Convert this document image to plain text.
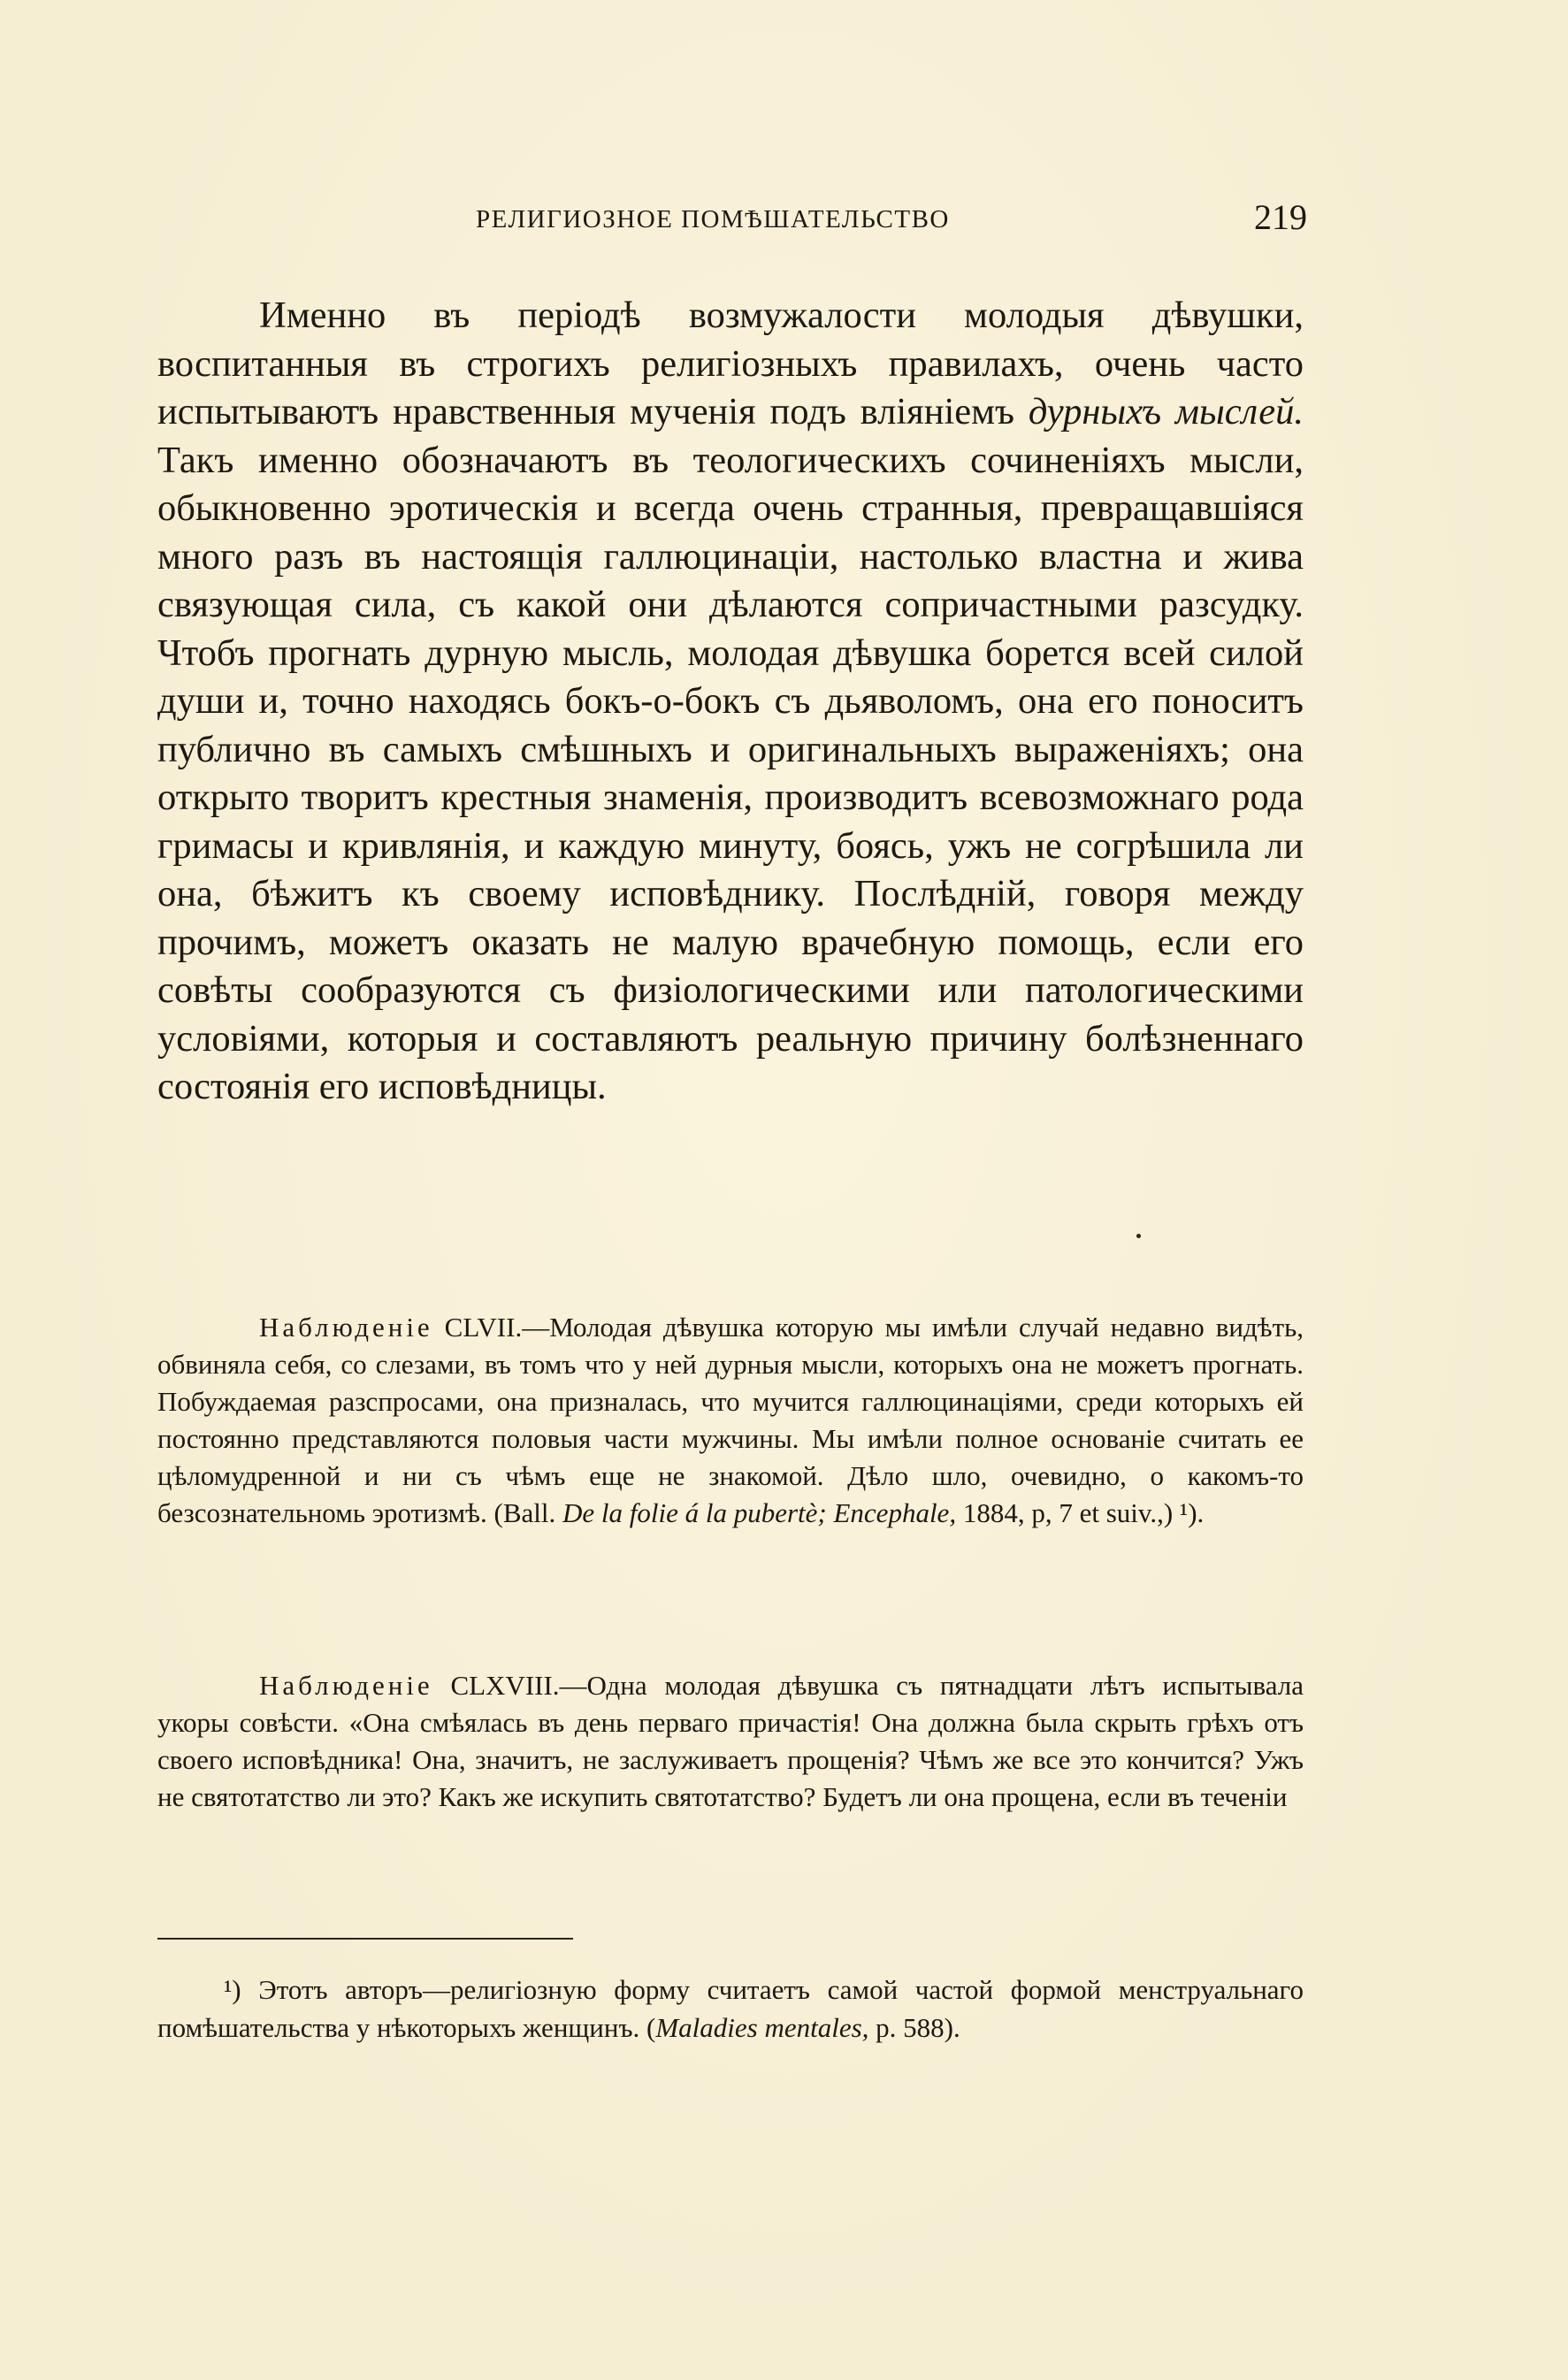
РЕЛИГИОЗНОЕ ПОМѢШАТЕЛЬСТВО	219

Именно въ періодѣ возмужалости молодыя дѣвушки, воспитанныя въ строгихъ религіозныхъ правилахъ, очень часто испытываютъ нравственныя мученія подъ вліяніемъ дурныхъ мыслей. Такъ именно обозначаютъ въ теологическихъ сочиненіяхъ мысли, обыкновенно эротическія и всегда очень странныя, превращавшіяся много разъ въ настоящія галлюцинаціи, настолько властна и жива связующая сила, съ какой они дѣлаются сопричастными разсудку. Чтобъ прогнать дурную мысль, молодая дѣвушка борется всей силой души и, точно находясь бокъ-о-бокъ съ дьяволомъ, она его поноситъ публично въ самыхъ смѣшныхъ и оригинальныхъ выраженіяхъ; она открыто творитъ крестныя знаменія, производитъ всевозможнаго рода гримасы и кривлянія, и каждую минуту, боясь, ужъ не согрѣшила ли она, бѣжитъ къ своему исповѣднику. Послѣдній, говоря между прочимъ, можетъ оказать не малую врачебную помощь, если его совѣты сообразуются съ физіологическими или патологическими условіями, которыя и составляютъ реальную причину болѣзненнаго состоянія его исповѣдницы.

Наблюденіе CLVII.—Молодая дѣвушка которую мы имѣли случай недавно видѣть, обвиняла себя, со слезами, въ томъ что у ней дурныя мысли, которыхъ она не можетъ прогнать. Побуждаемая разспросами, она призналась, что мучится галлюцинаціями, среди которыхъ ей постоянно представляются половыя части мужчины. Мы имѣли полное основаніе считать ее цѣломудренной и ни съ чѣмъ еще не знакомой. Дѣло шло, очевидно, о какомъ-то безсознательномь эротизмѣ. (Ball. De la folie á la pubertè; Encephale, 1884, p, 7 et suiv.,) ¹).

Наблюденіе CLXVIII.—Одна молодая дѣвушка съ пятнадцати лѣтъ испытывала укоры совѣсти. «Она смѣялась въ день перваго причастія! Она должна была скрыть грѣхъ отъ своего исповѣдника! Она, значитъ, не заслуживаетъ прощенія? Чѣмъ же все это кончится? Ужъ не святотатство ли это? Какъ же искупить святотатство? Будетъ ли она прощена, если въ теченіи

¹) Этотъ авторъ—религіозную форму считаетъ самой частой формой менструальнаго помѣшательства у нѣкоторыхъ женщинъ. (Maladies mentales, p. 588).
